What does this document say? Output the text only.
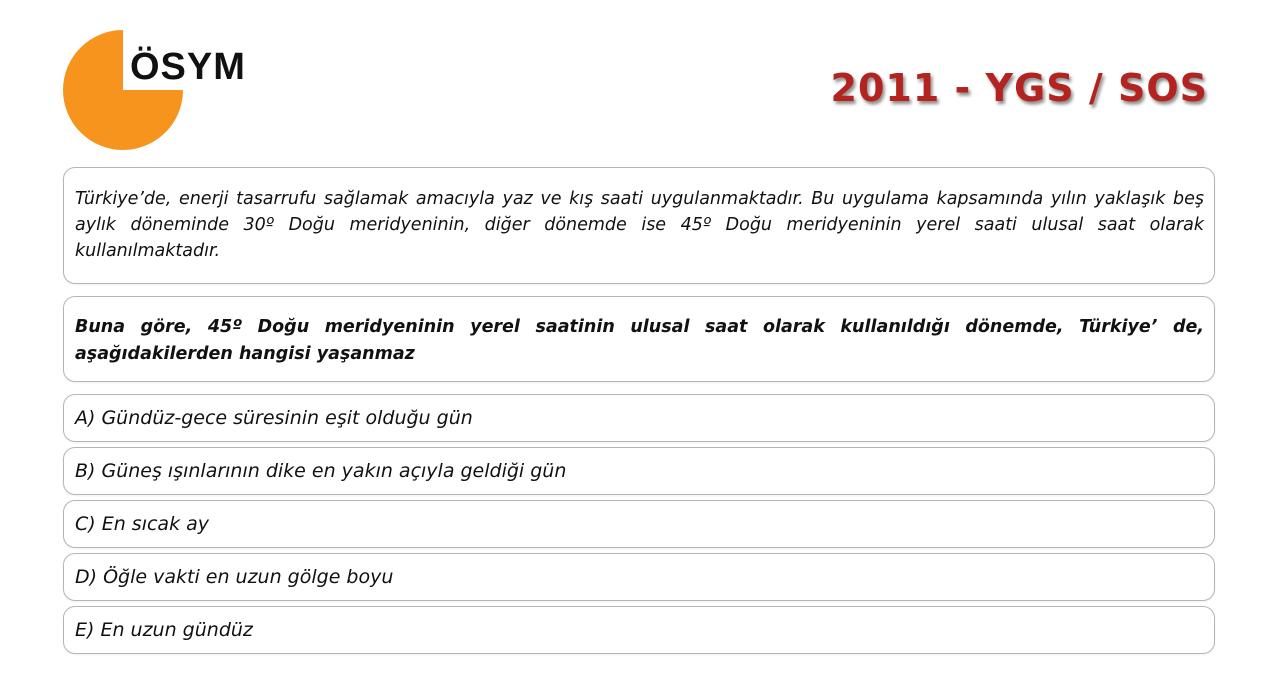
ÖSYM	2011 - YGS / SOS
Türkiye’de, enerji tasarrufu sağlamak amacıyla yaz ve kış saati uygulanmaktadır. Bu uygulama kapsamında yılın yaklaşık beş aylık döneminde 30º Doğu meridyeninin, diğer dönemde ise 45º Doğu meridyeninin yerel saati ulusal saat olarak kullanılmaktadır.
Buna göre, 45º Doğu meridyeninin yerel saatinin ulusal saat olarak kullanıldığı dönemde, Türkiye’ de, aşağıdakilerden hangisi yaşanmaz
A) Gündüz-gece süresinin eşit olduğu gün
B) Güneş ışınlarının dike en yakın açıyla geldiği gün
C) En sıcak ay
D) Öğle vakti en uzun gölge boyu
E) En uzun gündüz
